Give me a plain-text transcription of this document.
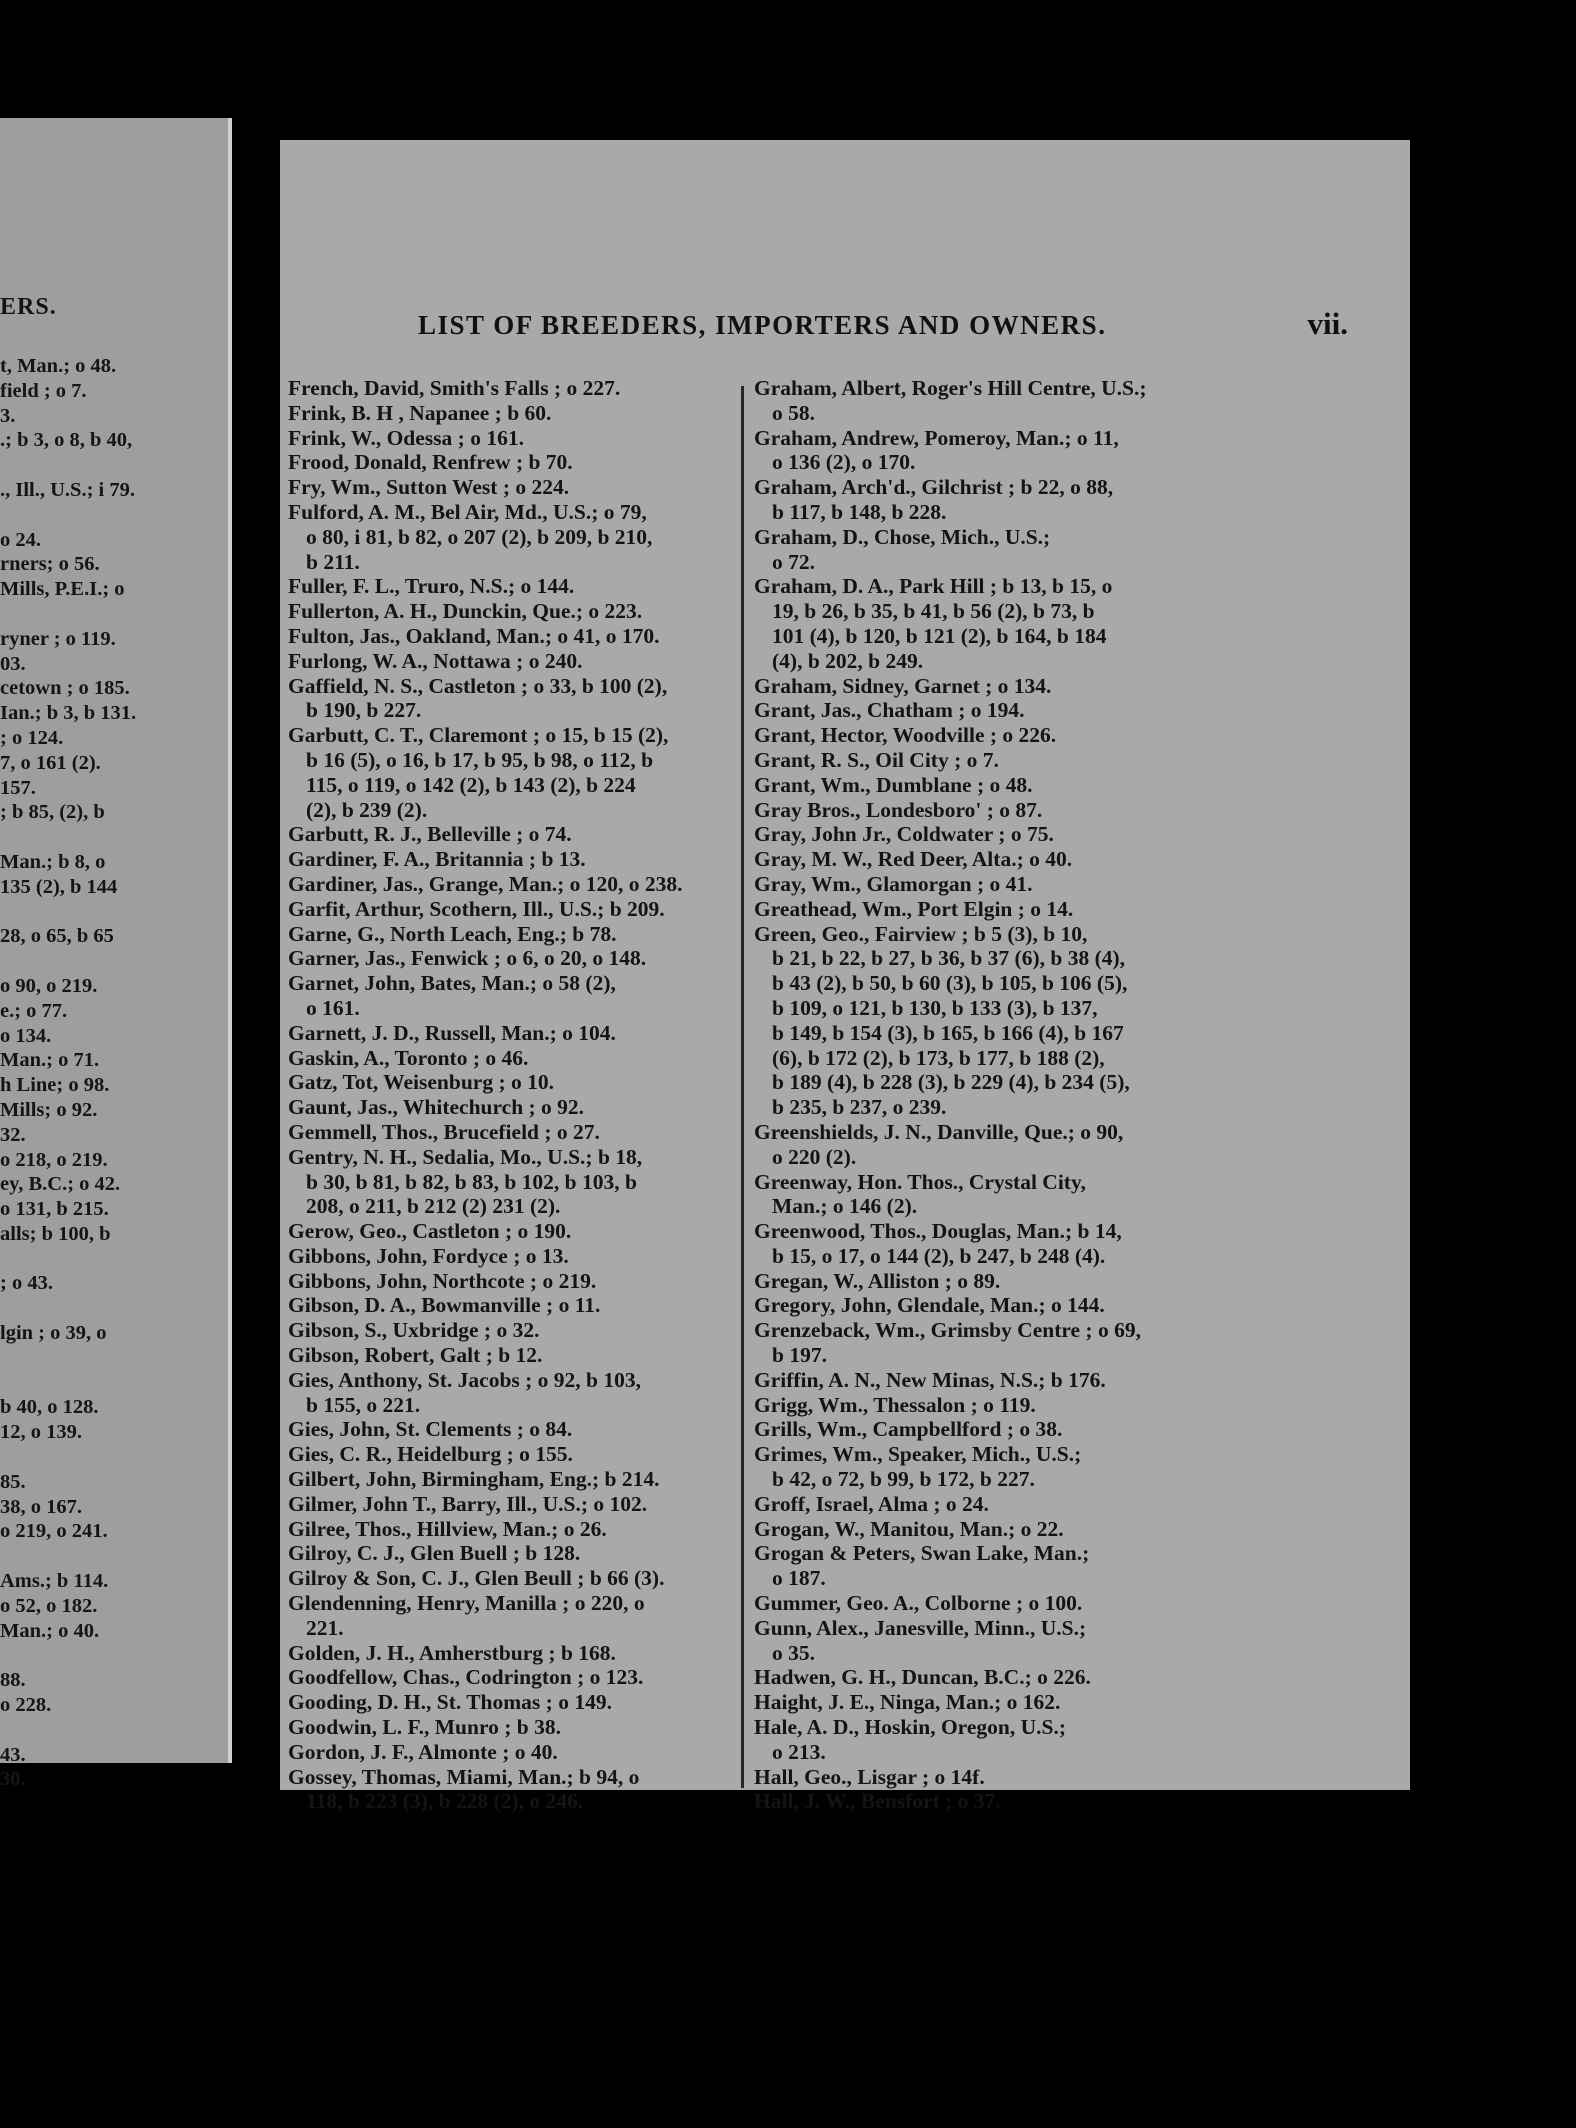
ERS.
t, Man.; o 48.
field ; o 7.
3.
.; b 3, o 8, b 40,
., Ill., U.S.; i 79.
o 24.
rners; o 56.
Mills, P.E.I.; o
ryner ; o 119.
03.
cetown ; o 185.
Ian.; b 3, b 131.
; o 124.
7, o 161 (2).
157.
; b 85, (2), b
Man.; b 8, o
135 (2), b 144
28, o 65, b 65
o 90, o 219.
e.; o 77.
o 134.
Man.; o 71.
h Line; o 98.
Mills; o 92.
32.
o 218, o 219.
ey, B.C.; o 42.
o 131, b 215.
alls; b 100, b
; o 43.
lgin ; o 39, o
b 40, o 128.
12, o 139.
85.
38, o 167.
o 219, o 241.
Ams.; b 114.
o 52, o 182.
Man.; o 40.
88.
o 228.
43.
30.
LIST OF BREEDERS, IMPORTERS AND OWNERS.	vii.
French, David, Smith's Falls ; o 227.
Frink, B. H , Napanee ; b 60.
Frink, W., Odessa ; o 161.
Frood, Donald, Renfrew ; b 70.
Fry, Wm., Sutton West ; o 224.
Fulford, A. M., Bel Air, Md., U.S.; o 79,
o 80, i 81, b 82, o 207 (2), b 209, b 210,
b 211.
Fuller, F. L., Truro, N.S.; o 144.
Fullerton, A. H., Dunckin, Que.; o 223.
Fulton, Jas., Oakland, Man.; o 41, o 170.
Furlong, W. A., Nottawa ; o 240.
Gaffield, N. S., Castleton ; o 33, b 100 (2),
b 190, b 227.
Garbutt, C. T., Claremont ; o 15, b 15 (2),
b 16 (5), o 16, b 17, b 95, b 98, o 112, b
115, o 119, o 142 (2), b 143 (2), b 224
(2), b 239 (2).
Garbutt, R. J., Belleville ; o 74.
Gardiner, F. A., Britannia ; b 13.
Gardiner, Jas., Grange, Man.; o 120, o 238.
Garfit, Arthur, Scothern, Ill., U.S.; b 209.
Garne, G., North Leach, Eng.; b 78.
Garner, Jas., Fenwick ; o 6, o 20, o 148.
Garnet, John, Bates, Man.; o 58 (2),
o 161.
Garnett, J. D., Russell, Man.; o 104.
Gaskin, A., Toronto ; o 46.
Gatz, Tot, Weisenburg ; o 10.
Gaunt, Jas., Whitechurch ; o 92.
Gemmell, Thos., Brucefield ; o 27.
Gentry, N. H., Sedalia, Mo., U.S.; b 18,
b 30, b 81, b 82, b 83, b 102, b 103, b
208, o 211, b 212 (2) 231 (2).
Gerow, Geo., Castleton ; o 190.
Gibbons, John, Fordyce ; o 13.
Gibbons, John, Northcote ; o 219.
Gibson, D. A., Bowmanville ; o 11.
Gibson, S., Uxbridge ; o 32.
Gibson, Robert, Galt ; b 12.
Gies, Anthony, St. Jacobs ; o 92, b 103,
b 155, o 221.
Gies, John, St. Clements ; o 84.
Gies, C. R., Heidelburg ; o 155.
Gilbert, John, Birmingham, Eng.; b 214.
Gilmer, John T., Barry, Ill., U.S.; o 102.
Gilree, Thos., Hillview, Man.; o 26.
Gilroy, C. J., Glen Buell ; b 128.
Gilroy & Son, C. J., Glen Beull ; b 66 (3).
Glendenning, Henry, Manilla ; o 220, o
221.
Golden, J. H., Amherstburg ; b 168.
Goodfellow, Chas., Codrington ; o 123.
Gooding, D. H., St. Thomas ; o 149.
Goodwin, L. F., Munro ; b 38.
Gordon, J. F., Almonte ; o 40.
Gossey, Thomas, Miami, Man.; b 94, o
118, b 223 (3), b 228 (2), o 246.
Graham, Albert, Roger's Hill Centre, U.S.;
o 58.
Graham, Andrew, Pomeroy, Man.; o 11,
o 136 (2), o 170.
Graham, Arch'd., Gilchrist ; b 22, o 88,
b 117, b 148, b 228.
Graham, D., Chose, Mich., U.S.;
o 72.
Graham, D. A., Park Hill ; b 13, b 15, o
19, b 26, b 35, b 41, b 56 (2), b 73, b
101 (4), b 120, b 121 (2), b 164, b 184
(4), b 202, b 249.
Graham, Sidney, Garnet ; o 134.
Grant, Jas., Chatham ; o 194.
Grant, Hector, Woodville ; o 226.
Grant, R. S., Oil City ; o 7.
Grant, Wm., Dumblane ; o 48.
Gray Bros., Londesboro' ; o 87.
Gray, John Jr., Coldwater ; o 75.
Gray, M. W., Red Deer, Alta.; o 40.
Gray, Wm., Glamorgan ; o 41.
Greathead, Wm., Port Elgin ; o 14.
Green, Geo., Fairview ; b 5 (3), b 10,
b 21, b 22, b 27, b 36, b 37 (6), b 38 (4),
b 43 (2), b 50, b 60 (3), b 105, b 106 (5),
b 109, o 121, b 130, b 133 (3), b 137,
b 149, b 154 (3), b 165, b 166 (4), b 167
(6), b 172 (2), b 173, b 177, b 188 (2),
b 189 (4), b 228 (3), b 229 (4), b 234 (5),
b 235, b 237, o 239.
Greenshields, J. N., Danville, Que.; o 90,
o 220 (2).
Greenway, Hon. Thos., Crystal City,
Man.; o 146 (2).
Greenwood, Thos., Douglas, Man.; b 14,
b 15, o 17, o 144 (2), b 247, b 248 (4).
Gregan, W., Alliston ; o 89.
Gregory, John, Glendale, Man.; o 144.
Grenzeback, Wm., Grimsby Centre ; o 69,
b 197.
Griffin, A. N., New Minas, N.S.; b 176.
Grigg, Wm., Thessalon ; o 119.
Grills, Wm., Campbellford ; o 38.
Grimes, Wm., Speaker, Mich., U.S.;
b 42, o 72, b 99, b 172, b 227.
Groff, Israel, Alma ; o 24.
Grogan, W., Manitou, Man.; o 22.
Grogan & Peters, Swan Lake, Man.;
o 187.
Gummer, Geo. A., Colborne ; o 100.
Gunn, Alex., Janesville, Minn., U.S.;
o 35.
Hadwen, G. H., Duncan, B.C.; o 226.
Haight, J. E., Ninga, Man.; o 162.
Hale, A. D., Hoskin, Oregon, U.S.;
o 213.
Hall, Geo., Lisgar ; o 14f.
Hall, J. W., Bensfort ; o 37.
